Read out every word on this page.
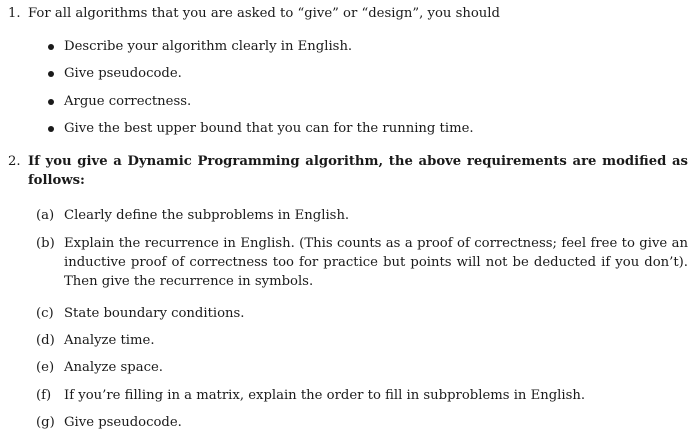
1. For all algorithms that you are asked to “give” or “design”, you should
Describe your algorithm clearly in English.
Give pseudocode.
Argue correctness.
Give the best upper bound that you can for the running time.
2. If you give a Dynamic Programming algorithm, the above requirements are modified as follows:
(a) Clearly define the subproblems in English.
(b) Explain the recurrence in English. (This counts as a proof of correctness; feel free to give an inductive proof of correctness too for practice but points will not be deducted if you don’t). Then give the recurrence in symbols.
(c) State boundary conditions.
(d) Analyze time.
(e) Analyze space.
(f) If you’re filling in a matrix, explain the order to fill in subproblems in English.
(g) Give pseudocode.
